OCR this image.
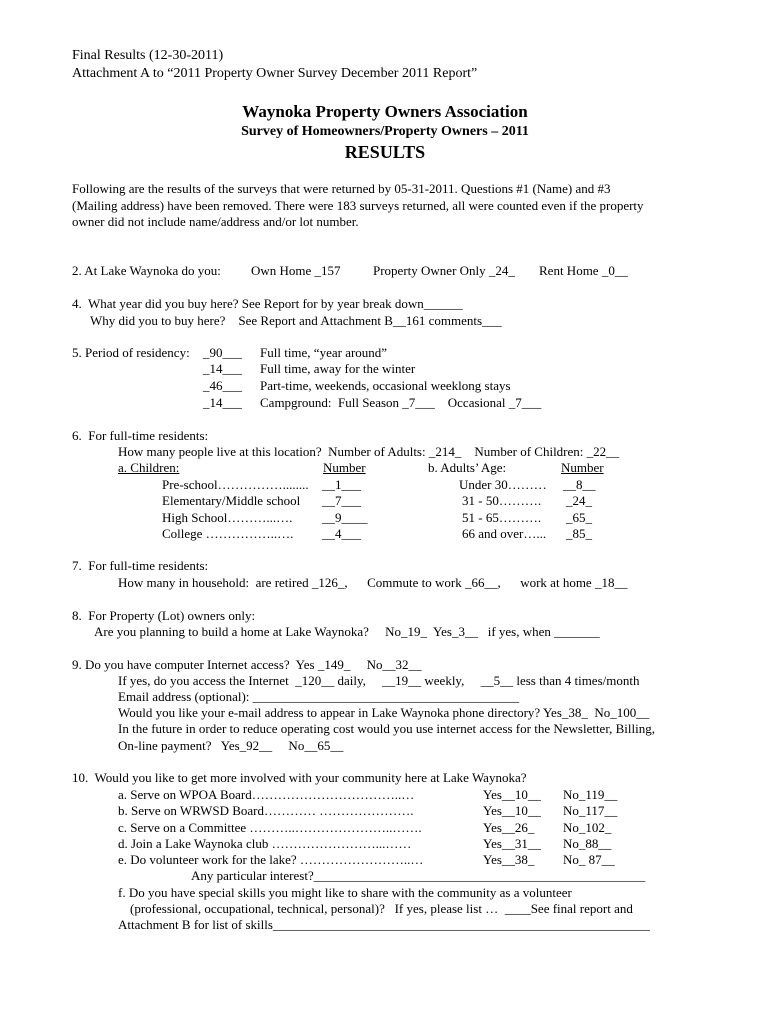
Final Results (12-30-2011)
Attachment A to “2011 Property Owner Survey December 2011 Report”
Waynoka Property Owners Association
Survey of Homeowners/Property Owners – 2011
RESULTS
Following are the results of the surveys that were returned by 05-31-2011. Questions #1 (Name) and #3
(Mailing address) have been removed. There were 183 surveys returned, all were counted even if the property
owner did not include name/address and/or lot number.
2. At Lake Waynoka do you: Own Home _157 Property Owner Only _24_ Rent Home _0__
4.  What year did you buy here? See Report for by year break down______
Why did you to buy here?    See Report and Attachment B__161 comments___
5. Period of residency: _90___ Full time, “year around”
_14___ Full time, away for the winter
_46___ Part-time, weekends, occasional weeklong stays
_14___ Campground:  Full Season _7___    Occasional _7___
6.  For full-time residents:
How many people live at this location?  Number of Adults: _214_    Number of Children: _22__
a. Children:	Number	b. Adults’ Age:	Number
Pre-school……………........ __1___	Under 30……… __8__
Elementary/Middle school __7___	31 - 50………. _24_
High School………...…. __9____	51 - 65………. _65_
College ……………..…. __4___	66 and over…... _85_
7.  For full-time residents:
How many in household:  are retired _126_,      Commute to work _66__,      work at home _18__
8.  For Property (Lot) owners only:
Are you planning to build a home at Lake Waynoka?     No_19_  Yes_3__   if yes, when _______
9. Do you have computer Internet access?  Yes _149_     No__32__
If yes, do you access the Internet  _120__ daily,     __19__ weekly,     __5__ less than 4 times/month
Email address (optional): _________________________________________
Would you like your e-mail address to appear in Lake Waynoka phone directory? Yes_38_  No_100__
In the future in order to reduce operating cost would you use internet access for the Newsletter, Billing,
On-line payment?   Yes_92__     No__65__
10.  Would you like to get more involved with your community here at Lake Waynoka?
a. Serve on WPOA Board……………………………..…	Yes__10__ No_119__
b. Serve on WRWSD Board………… ………………….	Yes__10__ No_117__
c. Serve on a Committee ………..…………………..…….	Yes__26_ No_102_
d. Join a Lake Waynoka club ……………………...……	Yes__31__ No_88__
e. Do volunteer work for the lake? ……………………..…	Yes__38_ No_ 87__
Any particular interest?___________________________________________________
f. Do you have special skills you might like to share with the community as a volunteer
(professional, occupational, technical, personal)?   If yes, please list …  ____See final report and
Attachment B for list of skills__________________________________________________________
